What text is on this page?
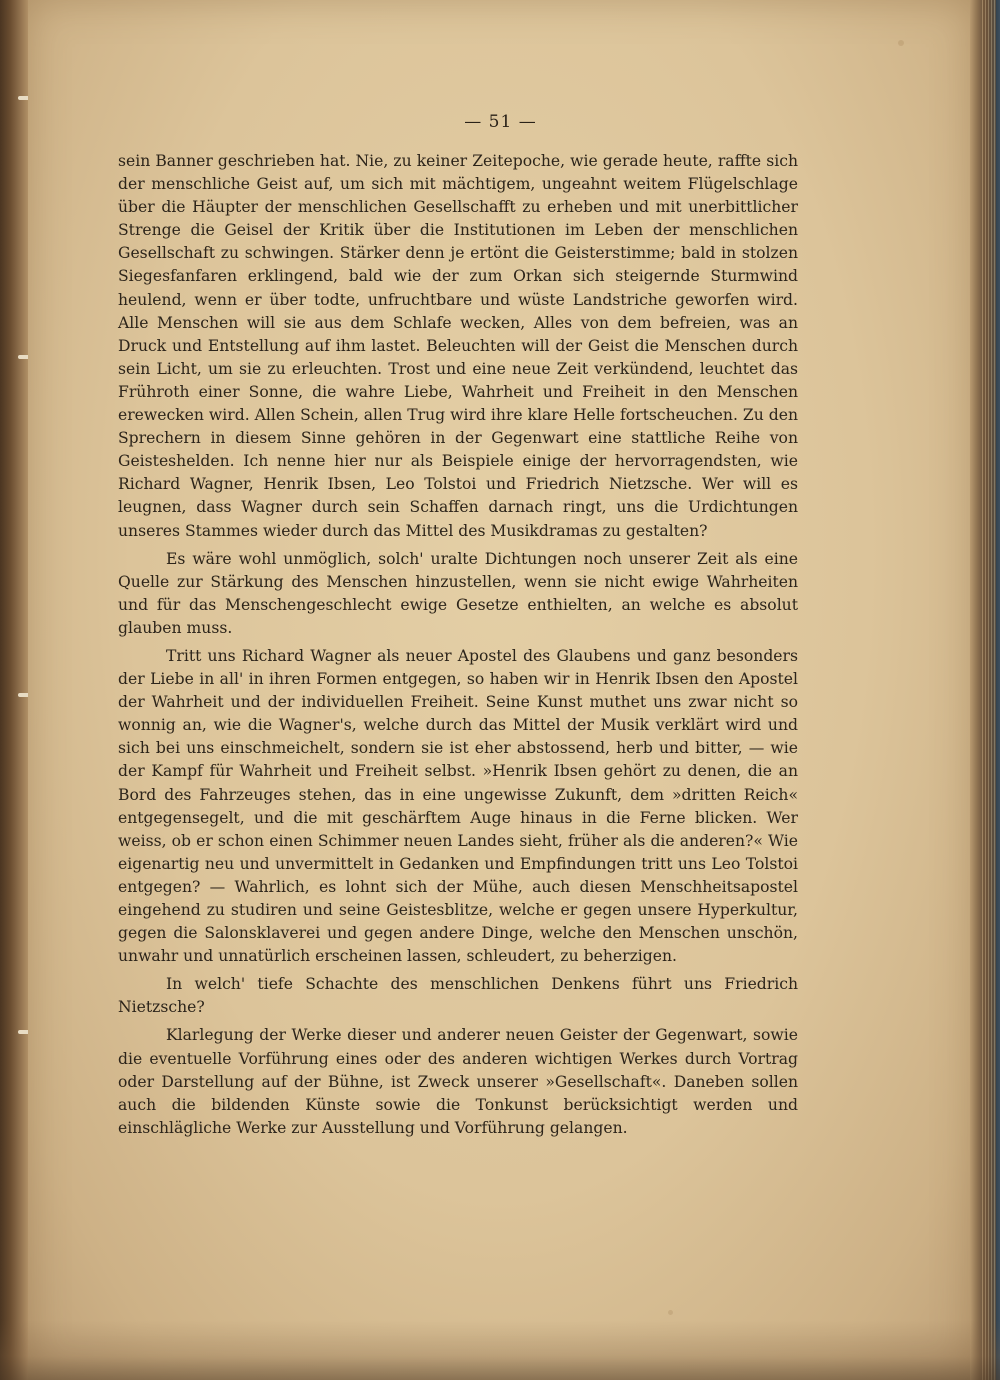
— 51 —

sein Banner geschrieben hat. Nie, zu keiner Zeitepoche, wie gerade heute, raffte sich der menschliche Geist auf, um sich mit mächtigem, ungeahnt weitem Flügelschlage über die Häupter der menschlichen Gesellschafft zu erheben und mit unerbittlicher Strenge die Geisel der Kritik über die Institutionen im Leben der menschlichen Gesellschaft zu schwingen. Stärker denn je ertönt die Geisterstimme; bald in stolzen Siegesfanfaren erklingend, bald wie der zum Orkan sich steigernde Sturmwind heulend, wenn er über todte, unfruchtbare und wüste Landstriche geworfen wird. Alle Menschen will sie aus dem Schlafe wecken, Alles von dem befreien, was an Druck und Entstellung auf ihm lastet. Beleuchten will der Geist die Menschen durch sein Licht, um sie zu erleuchten. Trost und eine neue Zeit verkündend, leuchtet das Frühroth einer Sonne, die wahre Liebe, Wahrheit und Freiheit in den Menschen erewecken wird. Allen Schein, allen Trug wird ihre klare Helle fortscheuchen. Zu den Sprechern in diesem Sinne gehören in der Gegenwart eine stattliche Reihe von Geisteshelden. Ich nenne hier nur als Beispiele einige der hervorragendsten, wie Richard Wagner, Henrik Ibsen, Leo Tolstoi und Friedrich Nietzsche. Wer will es leugnen, dass Wagner durch sein Schaffen darnach ringt, uns die Urdichtungen unseres Stammes wieder durch das Mittel des Musikdramas zu gestalten?

Es wäre wohl unmöglich, solch' uralte Dichtungen noch unserer Zeit als eine Quelle zur Stärkung des Menschen hinzustellen, wenn sie nicht ewige Wahrheiten und für das Menschengeschlecht ewige Gesetze enthielten, an welche es absolut glauben muss.

Tritt uns Richard Wagner als neuer Apostel des Glaubens und ganz besonders der Liebe in all' in ihren Formen entgegen, so haben wir in Henrik Ibsen den Apostel der Wahrheit und der individuellen Freiheit. Seine Kunst muthet uns zwar nicht so wonnig an, wie die Wagner's, welche durch das Mittel der Musik verklärt wird und sich bei uns einschmeichelt, sondern sie ist eher abstossend, herb und bitter, — wie der Kampf für Wahrheit und Freiheit selbst. »Henrik Ibsen gehört zu denen, die an Bord des Fahrzeuges stehen, das in eine ungewisse Zukunft, dem »dritten Reich« entgegensegelt, und die mit geschärftem Auge hinaus in die Ferne blicken. Wer weiss, ob er schon einen Schimmer neuen Landes sieht, früher als die anderen?« Wie eigenartig neu und unvermittelt in Gedanken und Empfindungen tritt uns Leo Tolstoi entgegen? — Wahrlich, es lohnt sich der Mühe, auch diesen Menschheitsapostel eingehend zu studiren und seine Geistesblitze, welche er gegen unsere Hyperkultur, gegen die Salonsklaverei und gegen andere Dinge, welche den Menschen unschön, unwahr und unnatürlich erscheinen lassen, schleudert, zu beherzigen.

In welch' tiefe Schachte des menschlichen Denkens führt uns Friedrich Nietzsche?

Klarlegung der Werke dieser und anderer neuen Geister der Gegenwart, sowie die eventuelle Vorführung eines oder des anderen wichtigen Werkes durch Vortrag oder Darstellung auf der Bühne, ist Zweck unserer »Gesellschaft«. Daneben sollen auch die bildenden Künste sowie die Tonkunst berücksichtigt werden und einschlägliche Werke zur Ausstellung und Vorführung gelangen.
